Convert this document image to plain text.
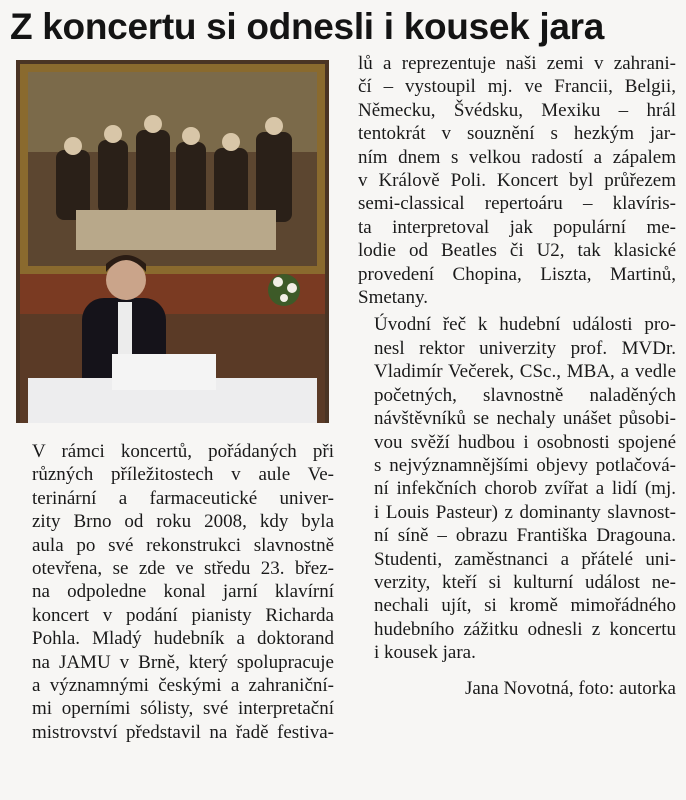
Z koncertu si odnesli i kousek jara

V rámci koncertů, pořádaných při
různých příležitostech v aule Ve-
terinární a farmaceutické univer-
zity Brno od roku 2008, kdy byla
aula po své rekonstrukci slavnostně
otevřena, se zde ve středu 23. břez-
na odpoledne konal jarní klavírní
koncert v podání pianisty Richarda
Pohla. Mladý hudebník a doktorand
na JAMU v Brně, který spolupracuje
a významnými českými a zahraniční-
mi operními sólisty, své interpretační
mistrovství představil na řadě festiva-

lů a reprezentuje naši zemi v zahrani-
čí – vystoupil mj. ve Francii, Belgii,
Německu, Švédsku, Mexiku – hrál
tentokrát v souznění s hezkým jar-
ním dnem s velkou radostí a zápalem
v Králově Poli. Koncert byl průřezem
semi-classical repertoáru – klavíris-
ta interpretoval jak populární me-
lodie od Beatles či U2, tak klasické
provedení Chopina, Liszta, Martinů,
Smetany.

Úvodní řeč k hudební události pro-
nesl rektor univerzity prof. MVDr.
Vladimír Večerek, CSc., MBA, a vedle
početných, slavnostně naladěných
návštěvníků se nechaly unášet působi-
vou svěží hudbou i osobnosti spojené
s nejvýznamnějšími objevy potlačová-
ní infekčních chorob zvířat a lidí (mj.
i Louis Pasteur) z dominanty slavnost-
ní síně – obrazu Františka Dragouna.
Studenti, zaměstnanci a přátelé uni-
verzity, kteří si kulturní událost ne-
nechali ujít, si kromě mimořádného
hudebního zážitku odnesli z koncertu
i kousek jara.

Jana Novotná, foto: autorka
